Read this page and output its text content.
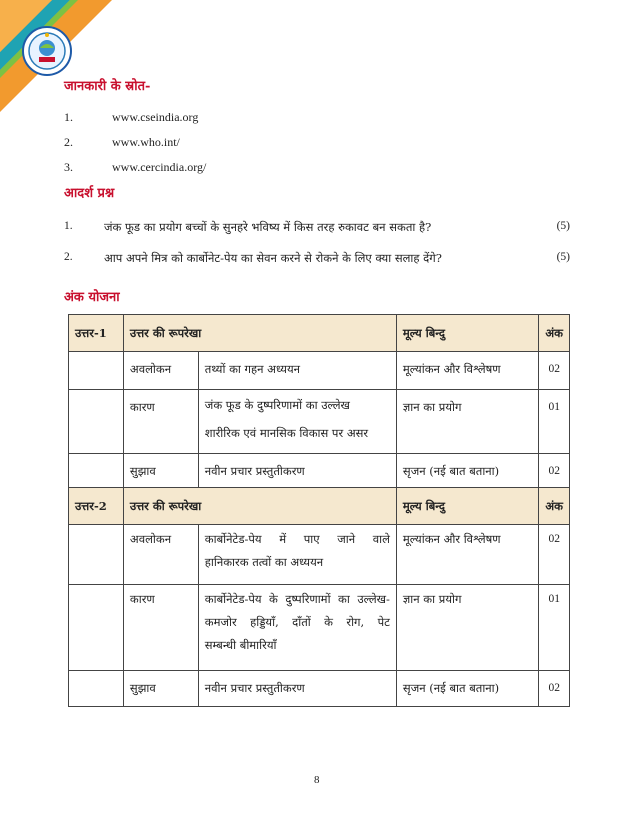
जानकारी के स्रोत-
1.	www.cseindia.org
2.	www.who.int/
3.	www.cercindia.org/
आदर्श प्रश्न
1.	जंक फूड का प्रयोग बच्चों के सुनहरे भविष्य में किस तरह रुकावट बन सकता है?	(5)
2.	आप अपने मित्र को कार्बोनेट-पेय का सेवन करने से रोकने के लिए क्या सलाह देंगे?	(5)
अंक योजना
उत्तर-1	उत्तर की रूपरेखा		मूल्य बिन्दु	अंक

	अवलोकन	तथ्यों का गहन अध्ययन	मूल्यांकन और विश्लेषण	02

	कारण	जंक फूड के दुष्परिणामों का उल्लेख
शारीरिक एवं मानसिक विकास पर असर	ज्ञान का प्रयोग	01

	सुझाव	नवीन प्रचार प्रस्तुतीकरण	सृजन (नई बात बताना)	02

उत्तर-2	उत्तर की रूपरेखा		मूल्य बिन्दु	अंक

	अवलोकन	कार्बोनेटेड-पेय में पाए जाने वाले
हानिकारक तत्वों का अध्ययन	मूल्यांकन और विश्लेषण	02

	कारण	कार्बोनेटेड-पेय के दुष्परिणामों का उल्लेख-
कमजोर हड्डियाँ, दाँतों के रोग, पेट
सम्बन्धी बीमारियाँ	ज्ञान का प्रयोग	01

	सुझाव	नवीन प्रचार प्रस्तुतीकरण	सृजन (नई बात बताना)	02
8
